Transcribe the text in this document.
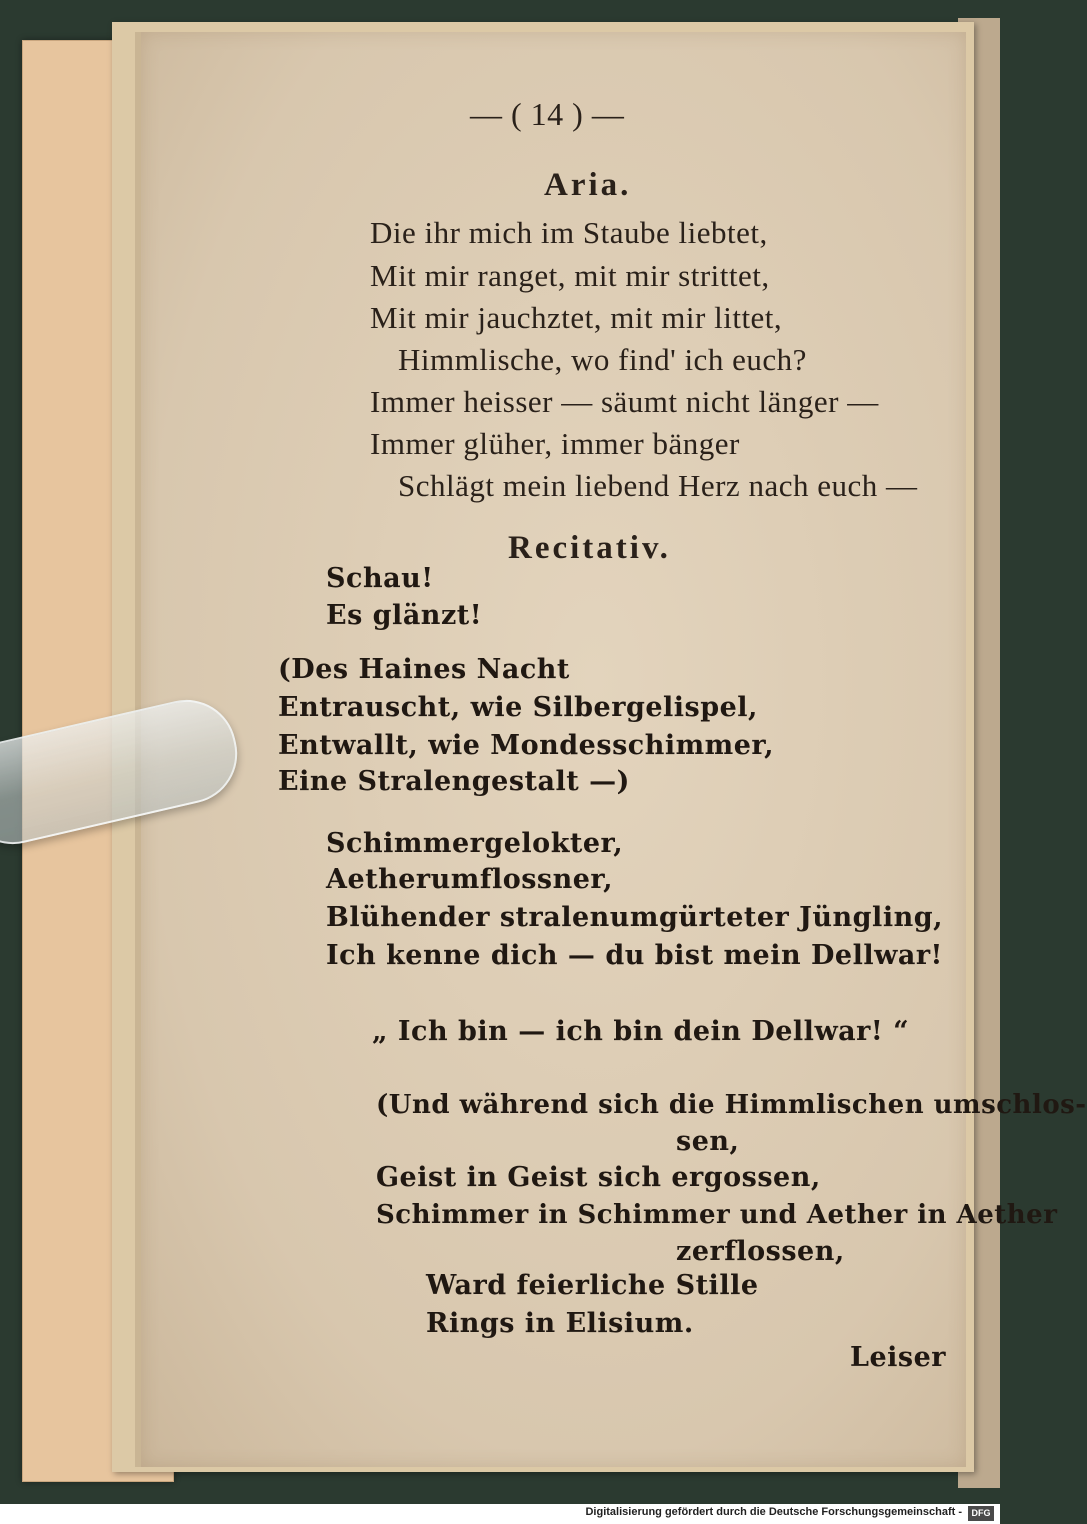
— ( 14 ) —
Aria.
Die ihr mich im Staube liebtet,
Mit mir ranget, mit mir strittet,
Mit mir jauchztet, mit mir littet,
Himmlische, wo find' ich euch?
Immer heisser — säumt nicht länger —
Immer glüher, immer bänger
Schlägt mein liebend Herz nach euch —
Recitativ.
Schau!
Es glänzt!
(Des Haines Nacht
Entrauscht, wie Silbergelispel,
Entwallt, wie Mondesschimmer,
Eine Stralengestalt —)
Schimmergelokter,
Aetherumflossner,
Blühender stralenumgürteter Jüngling,
Ich kenne dich — du bist mein Dellwar!
„ Ich bin — ich bin dein Dellwar! “
(Und während sich die Himmlischen umschlos-
sen,
Geist in Geist sich ergossen,
Schimmer in Schimmer und Aether in Aether
zerflossen,
Ward feierliche Stille
Rings in Elisium.
Leiser
Digitalisierung gefördert durch die Deutsche Forschungsgemeinschaft -	DFG
